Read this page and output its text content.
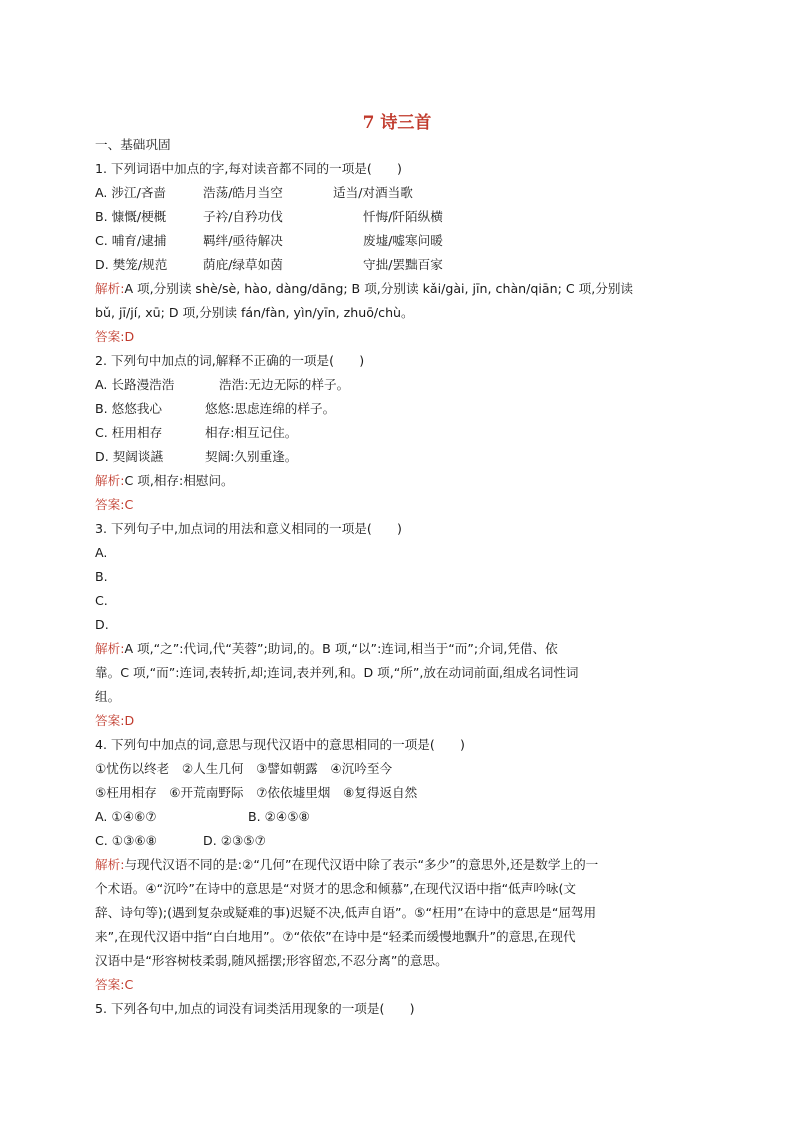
7 诗三首
一、基础巩固
1. 下列词语中加点的字,每对读音都不同的一项是(　　)
A. 涉江/吝啬	浩荡/皓月当空	适当/对酒当歌
B. 慷慨/梗概	子衿/自矜功伐	忏悔/阡陌纵横
C. 哺育/逮捕	羁绊/亟待解决	废墟/嘘寒问暖
D. 樊笼/规范	荫庇/绿草如茵	守拙/罢黜百家
解析:A 项,分别读 shè/sè, hào, dàng/dāng; B 项,分别读 kǎi/gài, jīn, chàn/qiān; C 项,分别读
bǔ, jī/jí, xū; D 项,分别读 fán/fàn, yìn/yīn, zhuō/chù。
答案:D
2. 下列句中加点的词,解释不正确的一项是(　　)
A. 长路漫浩浩	浩浩:无边无际的样子。
B. 悠悠我心	悠悠:思虑连绵的样子。
C. 枉用相存	相存:相互记住。
D. 契阔谈讌	契阔:久别重逢。
解析:C 项,相存:相慰问。
答案:C
3. 下列句子中,加点词的用法和意义相同的一项是(　　)
A.
B.
C.
D.
解析:A 项,“之”:代词,代“芙蓉”;助词,的。B 项,“以”:连词,相当于“而”;介词,凭借、依
靠。C 项,“而”:连词,表转折,却;连词,表并列,和。D 项,“所”,放在动词前面,组成名词性词
组。
答案:D
4. 下列句中加点的词,意思与现代汉语中的意思相同的一项是(　　)
①忧伤以终老　②人生几何　③譬如朝露　④沉吟至今
⑤枉用相存　⑥开荒南野际　⑦依依墟里烟　⑧复得返自然
A. ①④⑥⑦	B. ②④⑤⑧
C. ①③⑥⑧	D. ②③⑤⑦
解析:与现代汉语不同的是:②“几何”在现代汉语中除了表示“多少”的意思外,还是数学上的一
个术语。④“沉吟”在诗中的意思是“对贤才的思念和倾慕”,在现代汉语中指“低声吟咏(文
辞、诗句等);(遇到复杂或疑难的事)迟疑不决,低声自语”。⑤“枉用”在诗中的意思是“屈驾用
来”,在现代汉语中指“白白地用”。⑦“依依”在诗中是“轻柔而缓慢地飘升”的意思,在现代
汉语中是“形容树枝柔弱,随风摇摆;形容留恋,不忍分离”的意思。
答案:C
5. 下列各句中,加点的词没有词类活用现象的一项是(　　)
